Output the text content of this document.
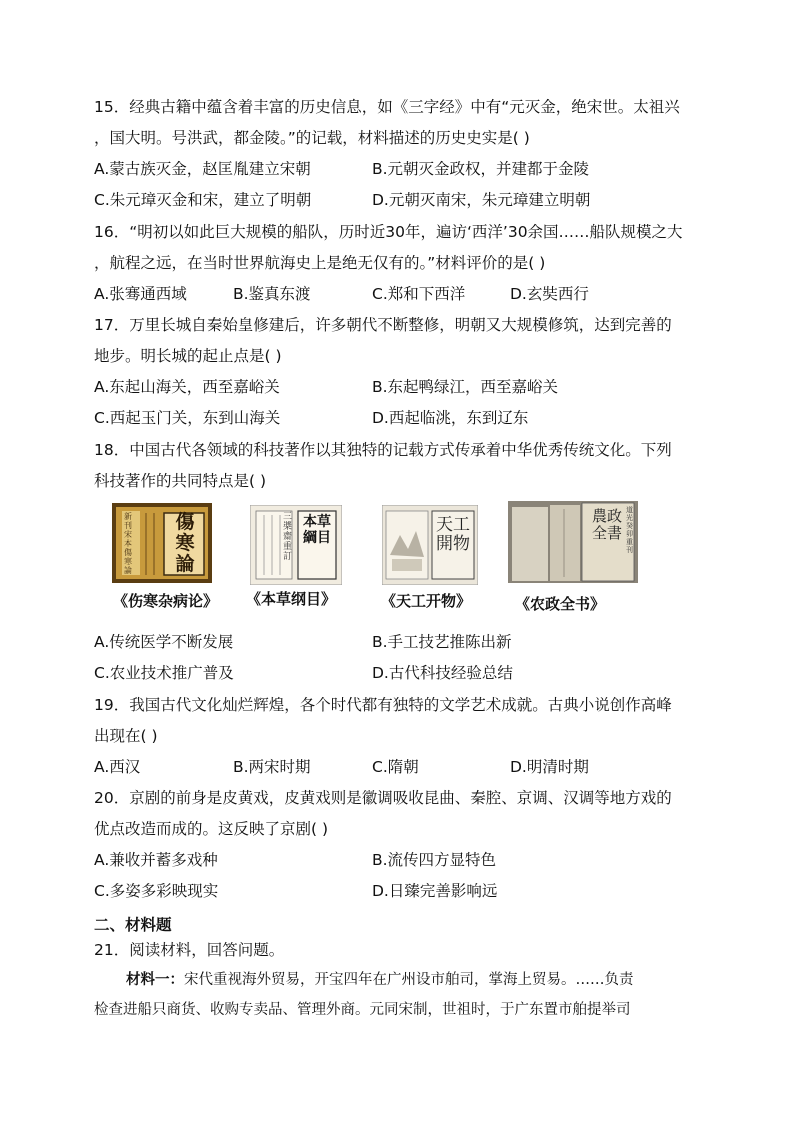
15．经典古籍中蕴含着丰富的历史信息，如《三字经》中有“元灭金，绝宋世。太祖兴
，国大明。号洪武，都金陵。”的记载，材料描述的历史史实是( )
A.蒙古族灭金，赵匡胤建立宋朝	B.元朝灭金政权，并建都于金陵
C.朱元璋灭金和宋，建立了明朝	D.元朝灭南宋，朱元璋建立明朝
16．“明初以如此巨大规模的船队，历时近30年，遍访‘西洋’30余国……船队规模之大
，航程之远，在当时世界航海史上是绝无仅有的。”材料评价的是( )
A.张骞通西域	B.鉴真东渡	C.郑和下西洋	D.玄奘西行
17．万里长城自秦始皇修建后，许多朝代不断整修，明朝又大规模修筑，达到完善的
地步。明长城的起止点是( )
A.东起山海关，西至嘉峪关	B.东起鸭绿江，西至嘉峪关
C.西起玉门关，东到山海关	D.西起临洮，东到辽东
18．中国古代各领域的科技著作以其独特的记载方式传承着中华优秀传统文化。下列
科技著作的共同特点是( )
傷寒論
新刊宋本傷寒論
本草綱目
三槳齋重訂
天工開物
農政全書
道光癸卯重刊
《伤寒杂病论》 《本草纲目》	《天工开物》	《农政全书》
A.传统医学不断发展	B.手工技艺推陈出新
C.农业技术推广普及	D.古代科技经验总结
19．我国古代文化灿烂辉煌，各个时代都有独特的文学艺术成就。古典小说创作高峰
出现在( )
A.西汉	B.两宋时期	C.隋朝	D.明清时期
20．京剧的前身是皮黄戏，皮黄戏则是徽调吸收昆曲、秦腔、京调、汉调等地方戏的
优点改造而成的。这反映了京剧( )
A.兼收并蓄多戏种	B.流传四方显特色
C.多姿多彩映现实	D.日臻完善影响远
二、材料题
21．阅读材料，回答问题。
材料一：宋代重视海外贸易，开宝四年在广州设市舶司，掌海上贸易。……负责
检查进船只商货、收购专卖品、管理外商。元同宋制，世祖时，于广东置市舶提举司
